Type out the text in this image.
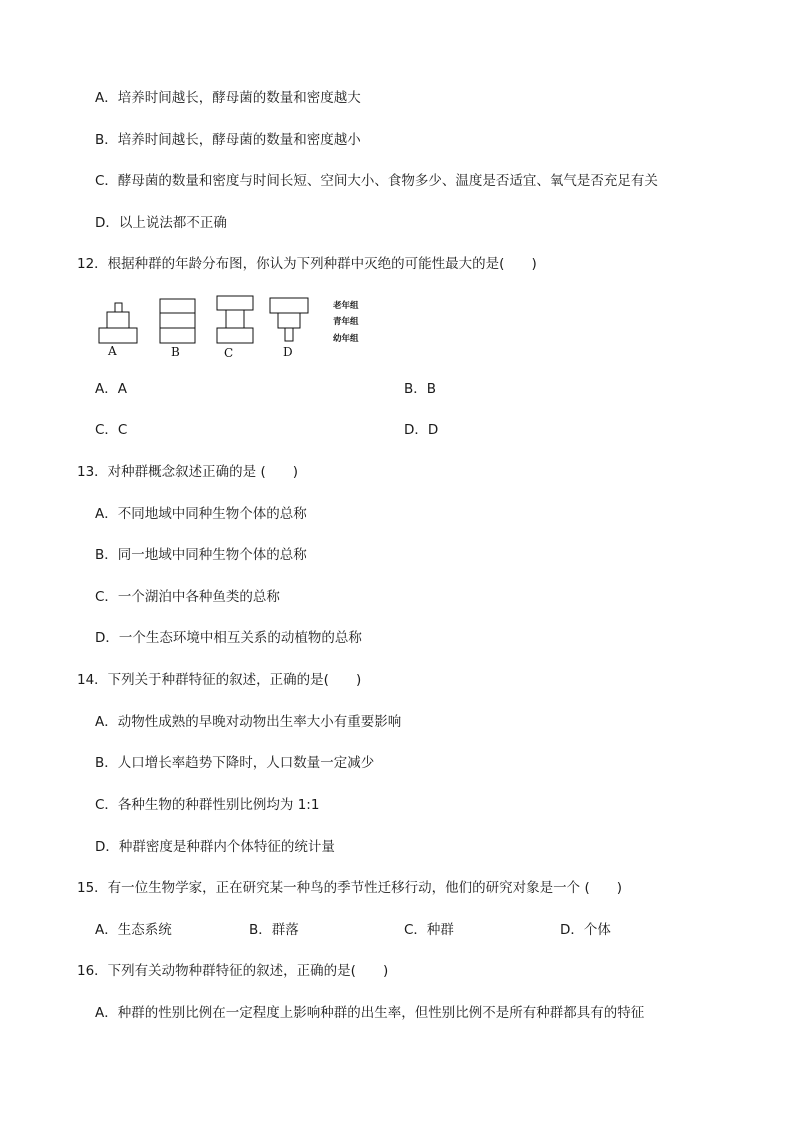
A．培养时间越长，酵母菌的数量和密度越大
B．培养时间越长，酵母菌的数量和密度越小
C．酵母菌的数量和密度与时间长短、空间大小、食物多少、温度是否适宜、氧气是否充足有关
D．以上说法都不正确
12．根据种群的年龄分布图，你认为下列种群中灭绝的可能性最大的是(　　)
A	B	C	D
老年组
青年组
幼年组
A．A	B．B
C．C	D．D
13．对种群概念叙述正确的是 (　　)
A．不同地域中同种生物个体的总称
B．同一地域中同种生物个体的总称
C．一个湖泊中各种鱼类的总称
D．一个生态环境中相互关系的动植物的总称
14．下列关于种群特征的叙述，正确的是(　　)
A．动物性成熟的早晚对动物出生率大小有重要影响
B．人口增长率趋势下降时，人口数量一定减少
C．各种生物的种群性别比例均为 1:1
D．种群密度是种群内个体特征的统计量
15．有一位生物学家，正在研究某一种鸟的季节性迁移行动，他们的研究对象是一个 (　　)
A．生态系统	B．群落	C．种群	D．个体
16．下列有关动物种群特征的叙述，正确的是(　　)
A．种群的性别比例在一定程度上影响种群的出生率，但性别比例不是所有种群都具有的特征
